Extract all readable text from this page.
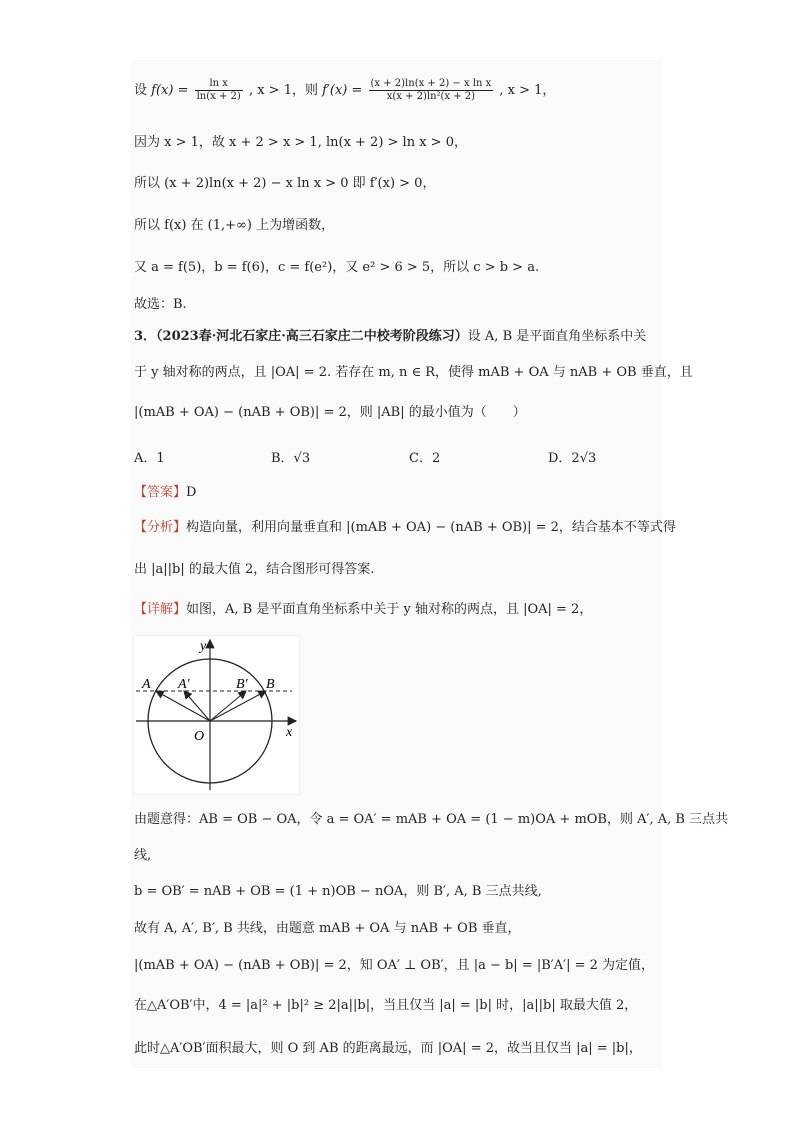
设 $f(x) = \frac{\text{ln x}}{\ln(x + 2)}$ , x > 1，则 $f'(x) = \frac{\text{(x + 2)ln(x + 2) − x ln x}}{\text{x(x + 2)ln²(x + 2)}}$ , x > 1，
因为 x > 1，故 x + 2 > x > 1, ln(x + 2) > ln x > 0，
所以 (x + 2)ln(x + 2) − x ln x > 0 即 f′(x) > 0，
所以 f(x) 在 (1,+∞) 上为增函数，
又 a = f(5)，b = f(6)，c = f(e²)，又 e² > 6 > 5，所以 c > b > a.
故选：B.
3．（2023春·河北石家庄·高三石家庄二中校考阶段练习）设 A, B 是平面直角坐标系中关
于 y 轴对称的两点，且 |OA| = 2. 若存在 m, n ∈ R，使得 mAB + OA 与 nAB + OB 垂直，且
|(mAB + OA) − (nAB + OB)| = 2，则 |AB| 的最小值为（　　）
A．1	B．√3	C．2	D．2√3
【答案】D
【分析】构造向量，利用向量垂直和 |(mAB + OA) − (nAB + OB)| = 2，结合基本不等式得
出 |a||b| 的最大值 2，结合图形可得答案.
【详解】如图，A, B 是平面直角坐标系中关于 y 轴对称的两点，且 |OA| = 2，
y
x
O
A A′	B′ B
由题意得：AB = OB − OA，令 a = OA′ = mAB + OA = (1 − m)OA + mOB，则 A′, A, B 三点共
线,
b = OB′ = nAB + OB = (1 + n)OB − nOA，则 B′, A, B 三点共线,
故有 A, A′, B′, B 共线，由题意 mAB + OA 与 nAB + OB 垂直，
|(mAB + OA) − (nAB + OB)| = 2，知 OA′ ⊥ OB′，且 |a − b| = |B′A′| = 2 为定值，
在△A′OB′中，4 = |a|² + |b|² ≥ 2|a||b|，当且仅当 |a| = |b| 时，|a||b| 取最大值 2，
此时△A′OB′面积最大，则 O 到 AB 的距离最远，而 |OA| = 2，故当且仅当 |a| = |b|，
